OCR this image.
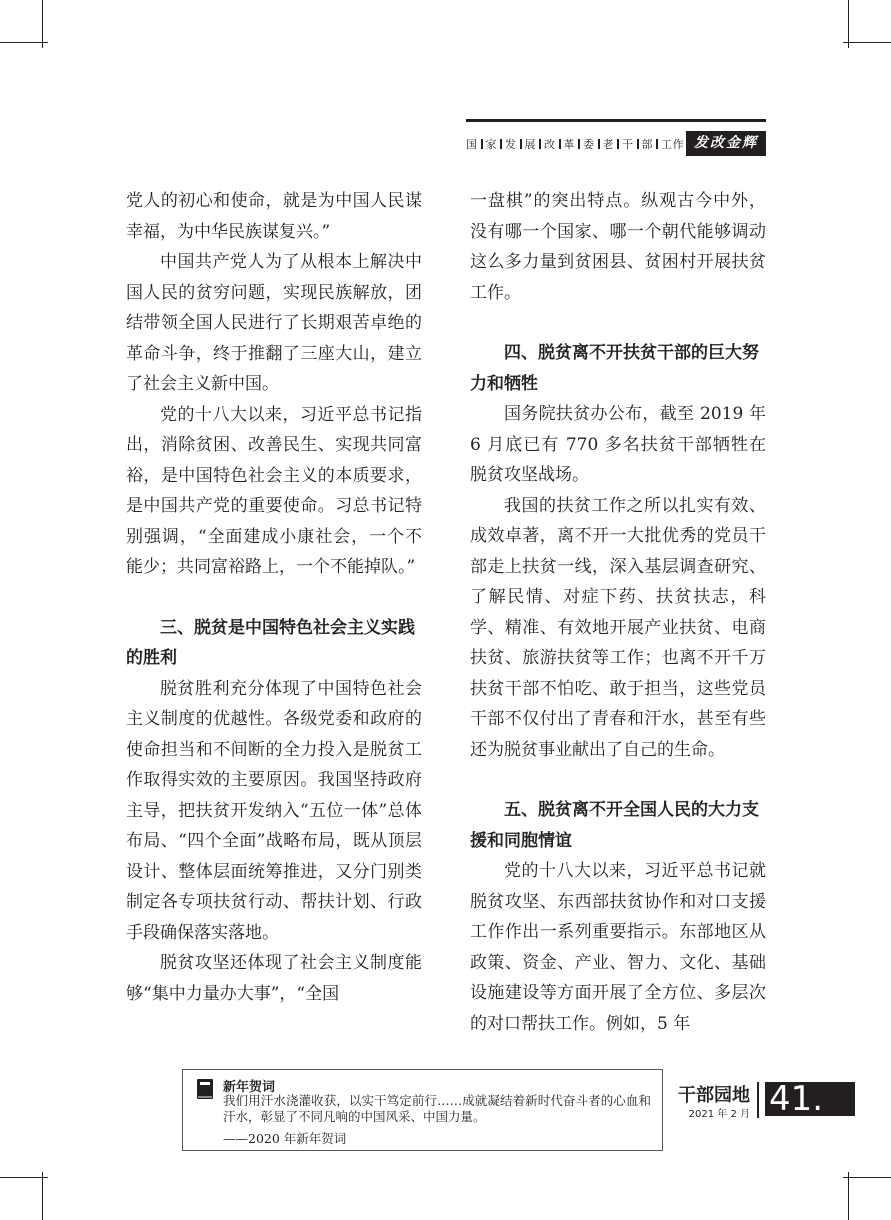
国 家 发 展 改 革 委 老 干 部 工作 发改金辉

党人的初心和使命，就是为中国人民谋幸福，为中华民族谋复兴。”

中国共产党人为了从根本上解决中国人民的贫穷问题，实现民族解放，团结带领全国人民进行了长期艰苦卓绝的革命斗争，终于推翻了三座大山，建立了社会主义新中国。

党的十八大以来，习近平总书记指出，消除贫困、改善民生、实现共同富裕，是中国特色社会主义的本质要求，是中国共产党的重要使命。习总书记特别强调，“全面建成小康社会，一个不能少；共同富裕路上，一个不能掉队。”

三、脱贫是中国特色社会主义实践的胜利

脱贫胜利充分体现了中国特色社会主义制度的优越性。各级党委和政府的使命担当和不间断的全力投入是脱贫工作取得实效的主要原因。我国坚持政府主导，把扶贫开发纳入“五位一体”总体布局、“四个全面”战略布局，既从顶层设计、整体层面统筹推进，又分门别类制定各专项扶贫行动、帮扶计划、行政手段确保落实落地。

脱贫攻坚还体现了社会主义制度能够“集中力量办大事”，“全国

一盘棋”的突出特点。纵观古今中外，没有哪一个国家、哪一个朝代能够调动这么多力量到贫困县、贫困村开展扶贫工作。

四、脱贫离不开扶贫干部的巨大努力和牺牲

国务院扶贫办公布，截至 2019 年 6 月底已有 770 多名扶贫干部牺牲在脱贫攻坚战场。

我国的扶贫工作之所以扎实有效、成效卓著，离不开一大批优秀的党员干部走上扶贫一线，深入基层调查研究、了解民情、对症下药、扶贫扶志，科学、精准、有效地开展产业扶贫、电商扶贫、旅游扶贫等工作；也离不开千万扶贫干部不怕吃、敢于担当，这些党员干部不仅付出了青春和汗水，甚至有些还为脱贫事业献出了自己的生命。

五、脱贫离不开全国人民的大力支援和同胞情谊

党的十八大以来，习近平总书记就脱贫攻坚、东西部扶贫协作和对口支援工作作出一系列重要指示。东部地区从政策、资金、产业、智力、文化、基础设施建设等方面开展了全方位、多层次的对口帮扶工作。例如，5 年

新年贺词
我们用汗水浇灌收获，以实干笃定前行……成就凝结着新时代奋斗者的心血和汗水，彰显了不同凡响的中国风采、中国力量。
——2020 年新年贺词
干部园地
2021 年 2 月 41.
